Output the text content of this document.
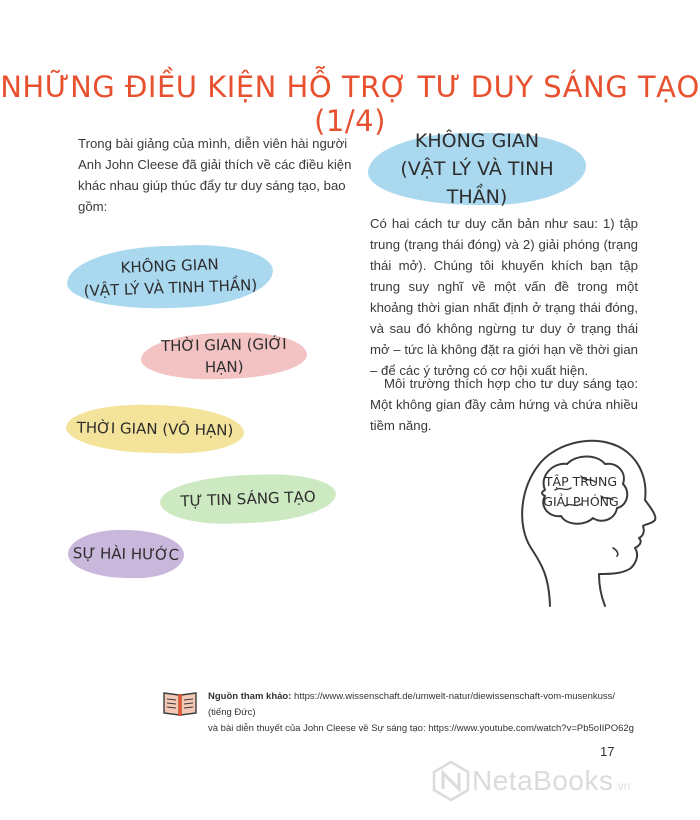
NHỮNG ĐIỀU KIỆN HỖ TRỢ TƯ DUY SÁNG TẠO (1/4)

Trong bài giảng của mình, diễn viên hài người Anh John Cleese đã giải thích về các điều kiện khác nhau giúp thúc đẩy tư duy sáng tạo, bao gồm:

KHÔNG GIAN
(VẬT LÝ VÀ TINH THẦN)
THỜI GIAN (GIỚI HẠN)
THỜI GIAN (VÔ HẠN)
TỰ TIN SÁNG TẠO
SỰ HÀI HƯỚC
KHÔNG GIAN
(VẬT LÝ VÀ TINH THẦN)

Có hai cách tư duy căn bản như sau: 1) tập trung (trạng thái đóng) và 2) giải phóng (trạng thái mở). Chúng tôi khuyến khích bạn tập trung suy nghĩ về một vấn đề trong một khoảng thời gian nhất định ở trạng thái đóng, và sau đó không ngừng tư duy ở trạng thái mở – tức là không đặt ra giới hạn về thời gian – để các ý tưởng có cơ hội xuất hiện.

Môi trường thích hợp cho tư duy sáng tạo: Một không gian đầy cảm hứng và chứa nhiều tiềm năng.

TẬP TRUNG
GIẢI PHÓNG
Nguồn tham khảo: https://www.wissenschaft.de/umwelt-natur/diewissenschaft-vom-musenkuss/ (tiếng Đức)
và bài diễn thuyết của John Cleese về Sự sáng tạo: https://www.youtube.com/watch?v=Pb5oIIPO62g
17
NetaBooks .vn
